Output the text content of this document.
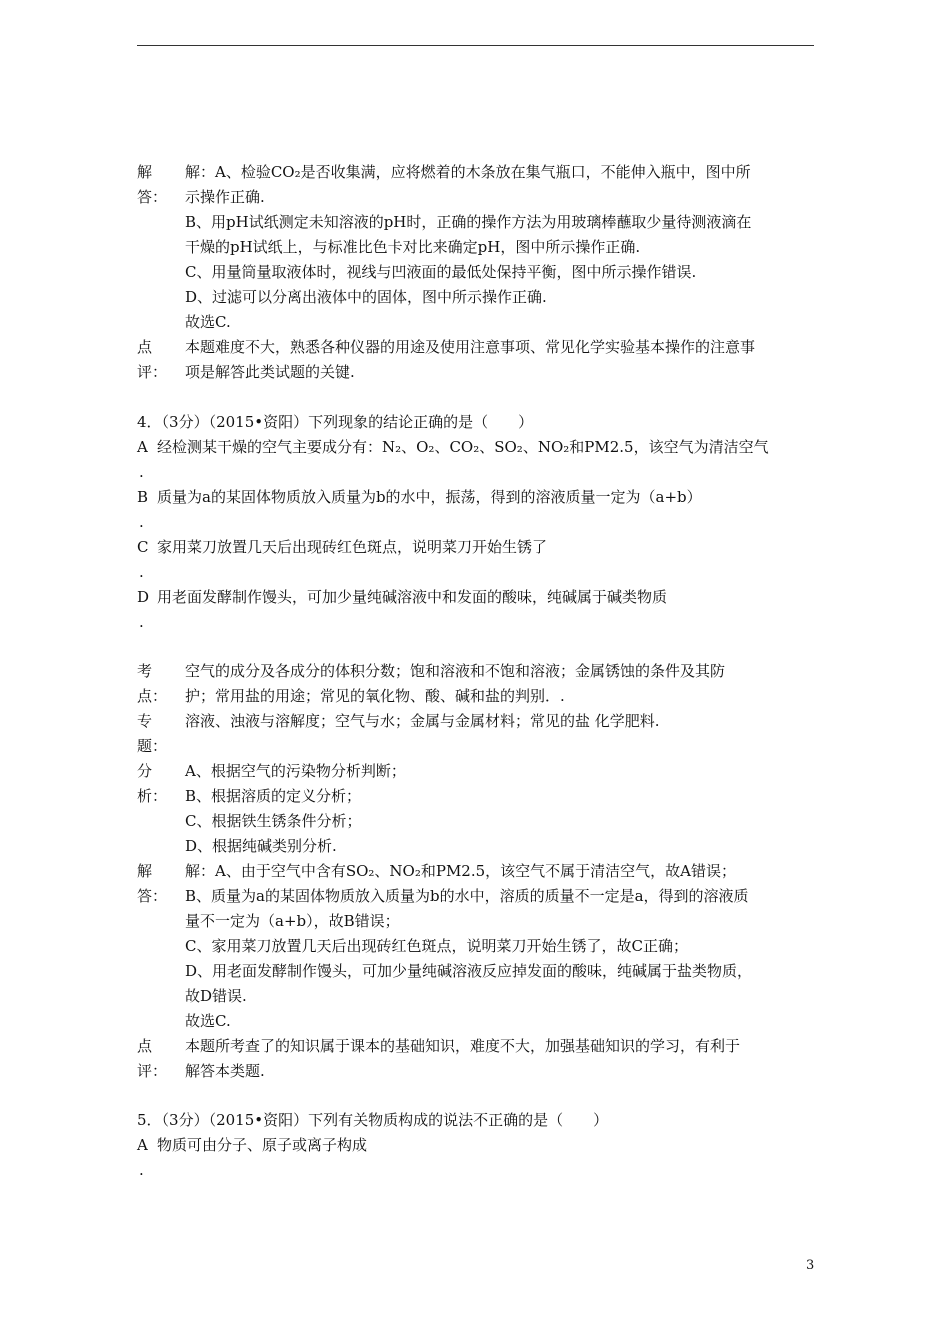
解	解：A、检验CO₂是否收集满，应将燃着的木条放在集气瓶口，不能伸入瓶中，图中所
答： 示操作正确.
B、用pH试纸测定未知溶液的pH时，正确的操作方法为用玻璃棒蘸取少量待测液滴在
干燥的pH试纸上，与标准比色卡对比来确定pH，图中所示操作正确.
C、用量筒量取液体时，视线与凹液面的最低处保持平衡，图中所示操作错误.
D、过滤可以分离出液体中的固体，图中所示操作正确.
故选C.
点	本题难度不大，熟悉各种仪器的用途及使用注意事项、常见化学实验基本操作的注意事
评： 项是解答此类试题的关键.
4．（3分）（2015•资阳）下列现象的结论正确的是（　　）
A 经检测某干燥的空气主要成分有：N₂、O₂、CO₂、SO₂、NO₂和PM2.5，该空气为清洁空气
.
B 质量为a的某固体物质放入质量为b的水中，振荡，得到的溶液质量一定为（a+b）
.
C 家用菜刀放置几天后出现砖红色斑点，说明菜刀开始生锈了
.
D 用老面发酵制作馒头，可加少量纯碱溶液中和发面的酸味，纯碱属于碱类物质
.
考	空气的成分及各成分的体积分数；饱和溶液和不饱和溶液；金属锈蚀的条件及其防
点： 护；常用盐的用途；常见的氧化物、酸、碱和盐的判别．.
专	溶液、浊液与溶解度；空气与水；金属与金属材料；常见的盐 化学肥料.
题：
分	A、根据空气的污染物分析判断；
析： B、根据溶质的定义分析；
C、根据铁生锈条件分析；
D、根据纯碱类别分析.
解	解：A、由于空气中含有SO₂、NO₂和PM2.5，该空气不属于清洁空气，故A错误；
答： B、质量为a的某固体物质放入质量为b的水中，溶质的质量不一定是a，得到的溶液质
量不一定为（a+b），故B错误；
C、家用菜刀放置几天后出现砖红色斑点，说明菜刀开始生锈了，故C正确；
D、用老面发酵制作馒头，可加少量纯碱溶液反应掉发面的酸味，纯碱属于盐类物质，
故D错误.
故选C.
点	本题所考查了的知识属于课本的基础知识，难度不大，加强基础知识的学习，有利于
评： 解答本类题.
5．（3分）（2015•资阳）下列有关物质构成的说法不正确的是（　　）
A 物质可由分子、原子或离子构成
.
3
